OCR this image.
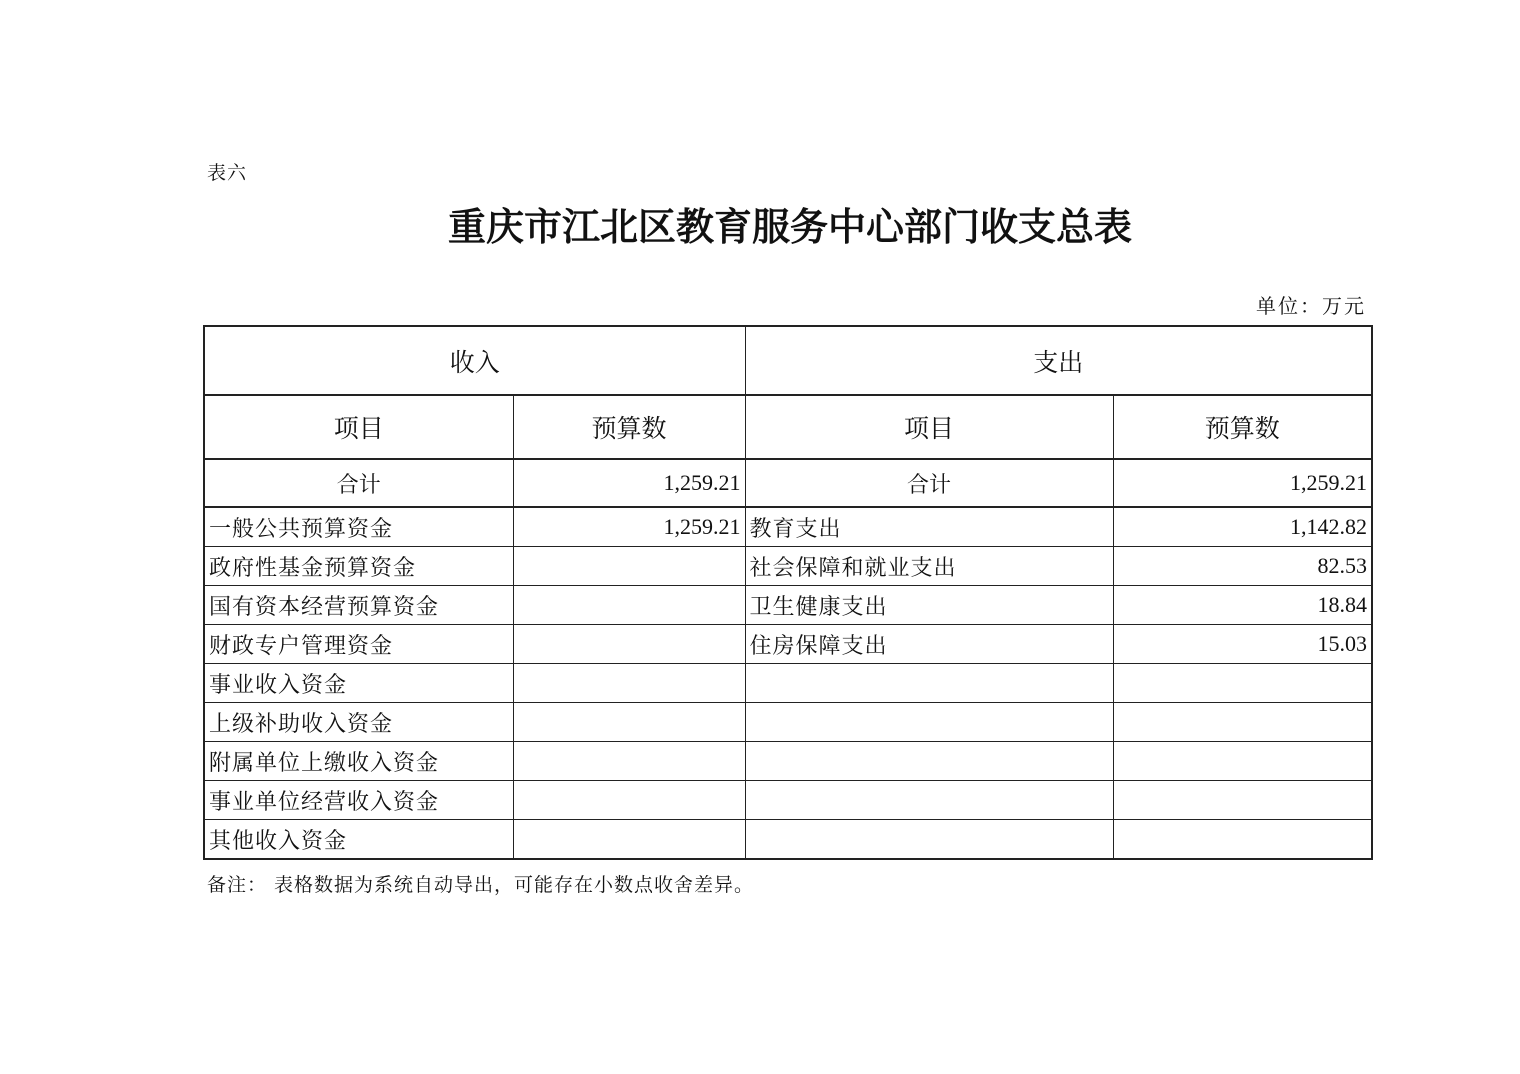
表六
重庆市江北区教育服务中心部门收支总表
单位：万元
收入		支出	
项目	预算数	项目	预算数
合计	1,259.21	合计	1,259.21
一般公共预算资金	1,259.21	教育支出	1,142.82
政府性基金预算资金		社会保障和就业支出	82.53
国有资本经营预算资金		卫生健康支出	18.84
财政专户管理资金		住房保障支出	15.03
事业收入资金			
上级补助收入资金			
附属单位上缴收入资金			
事业单位经营收入资金			
其他收入资金			
备注： 表格数据为系统自动导出，可能存在小数点收舍差异。
